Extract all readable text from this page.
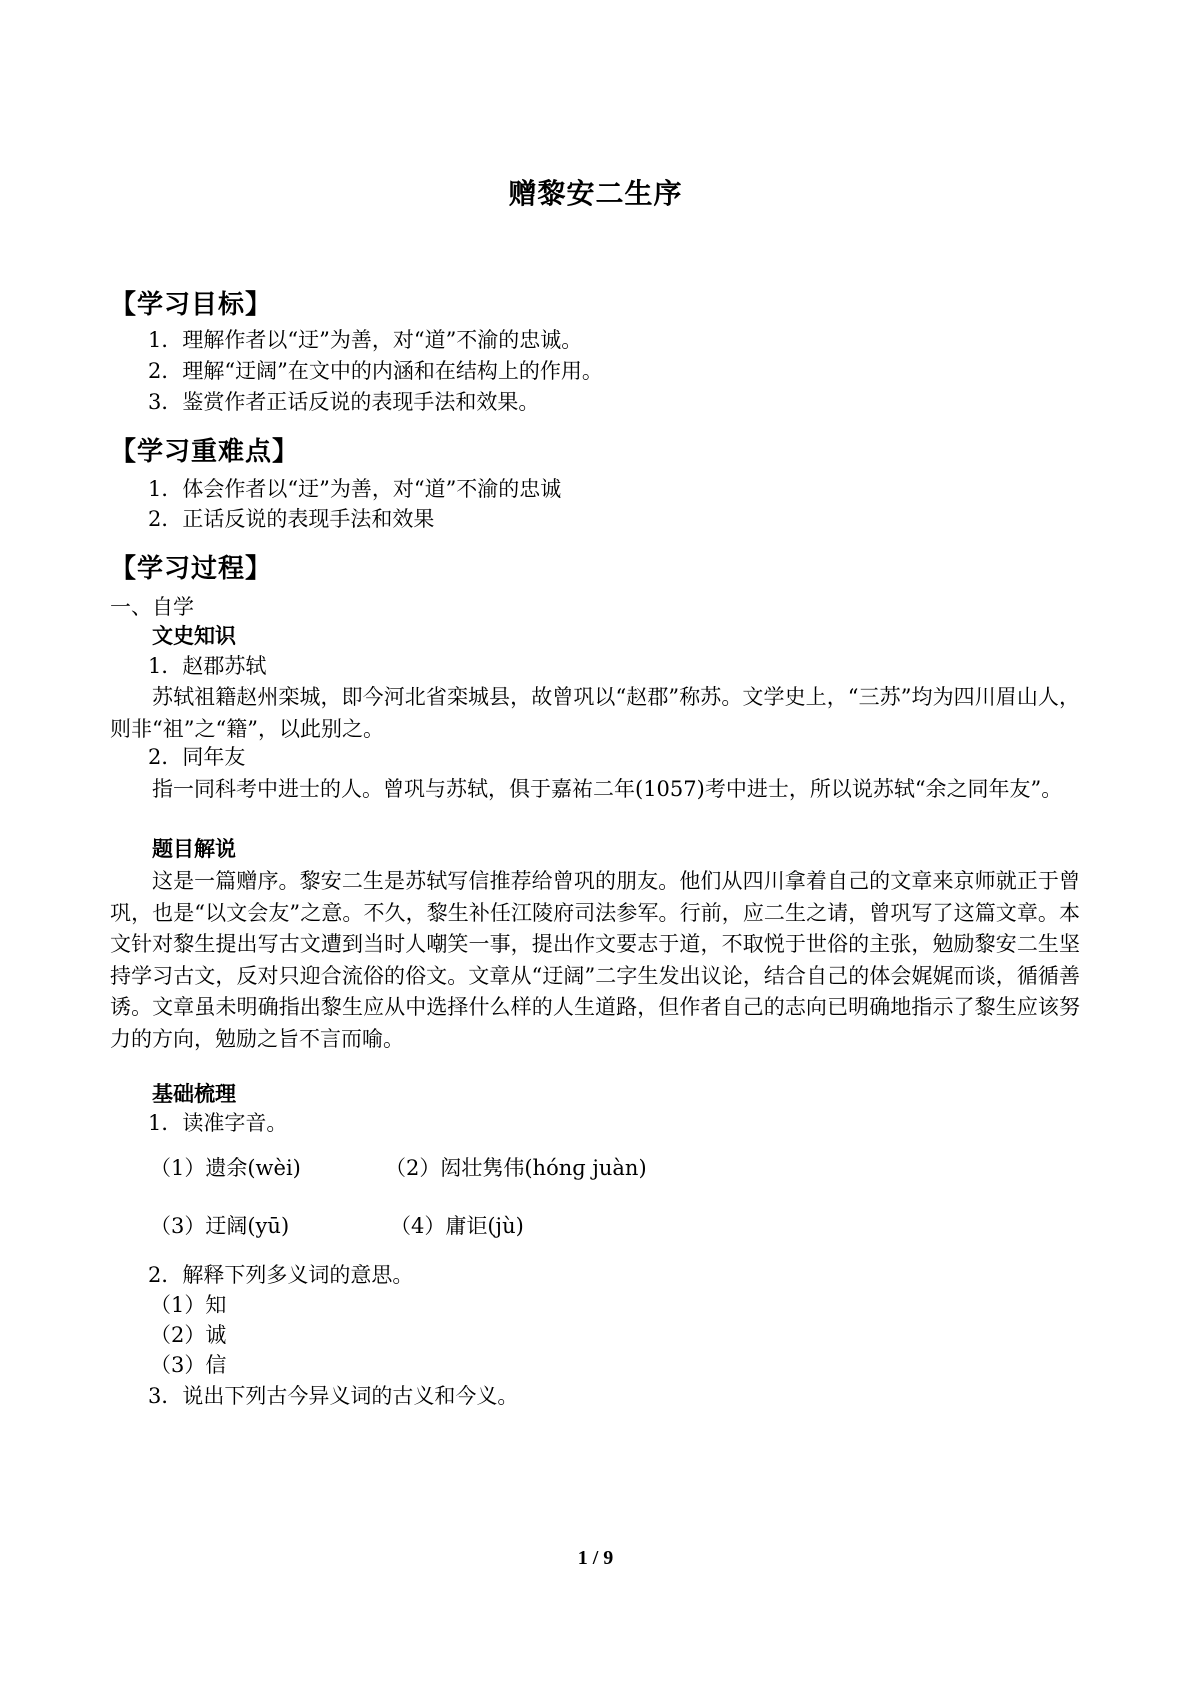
赠黎安二生序
【学习目标】
1．理解作者以“迂”为善，对“道”不渝的忠诚。
2．理解“迂阔”在文中的内涵和在结构上的作用。
3．鉴赏作者正话反说的表现手法和效果。
【学习重难点】
1．体会作者以“迂”为善，对“道”不渝的忠诚
2．正话反说的表现手法和效果
【学习过程】
一、自学
文史知识
1．赵郡苏轼
苏轼祖籍赵州栾城，即今河北省栾城县，故曾巩以“赵郡”称苏。文学史上，“三苏”均为四川眉山人，则非“祖”之“籍”，以此别之。
2．同年友
指一同科考中进士的人。曾巩与苏轼，俱于嘉祐二年(1057)考中进士，所以说苏轼“余之同年友”。
题目解说
这是一篇赠序。黎安二生是苏轼写信推荐给曾巩的朋友。他们从四川拿着自己的文章来京师就正于曾巩，也是“以文会友”之意。不久，黎生补任江陵府司法参军。行前，应二生之请，曾巩写了这篇文章。本文针对黎生提出写古文遭到当时人嘲笑一事，提出作文要志于道，不取悦于世俗的主张，勉励黎安二生坚持学习古文，反对只迎合流俗的俗文。文章从“迂阔”二字生发出议论，结合自己的体会娓娓而谈，循循善诱。文章虽未明确指出黎生应从中选择什么样的人生道路，但作者自己的志向已明确地指示了黎生应该努力的方向，勉励之旨不言而喻。
基础梳理
1．读准字音。
（1）遗余(wèi)	（2）闳壮隽伟(hónɡ juàn)
（3）迂阔(yū)	（4）庸讵(jù)
2．解释下列多义词的意思。
（1）知
（2）诚
（3）信
3．说出下列古今异义词的古义和今义。
1 / 9
